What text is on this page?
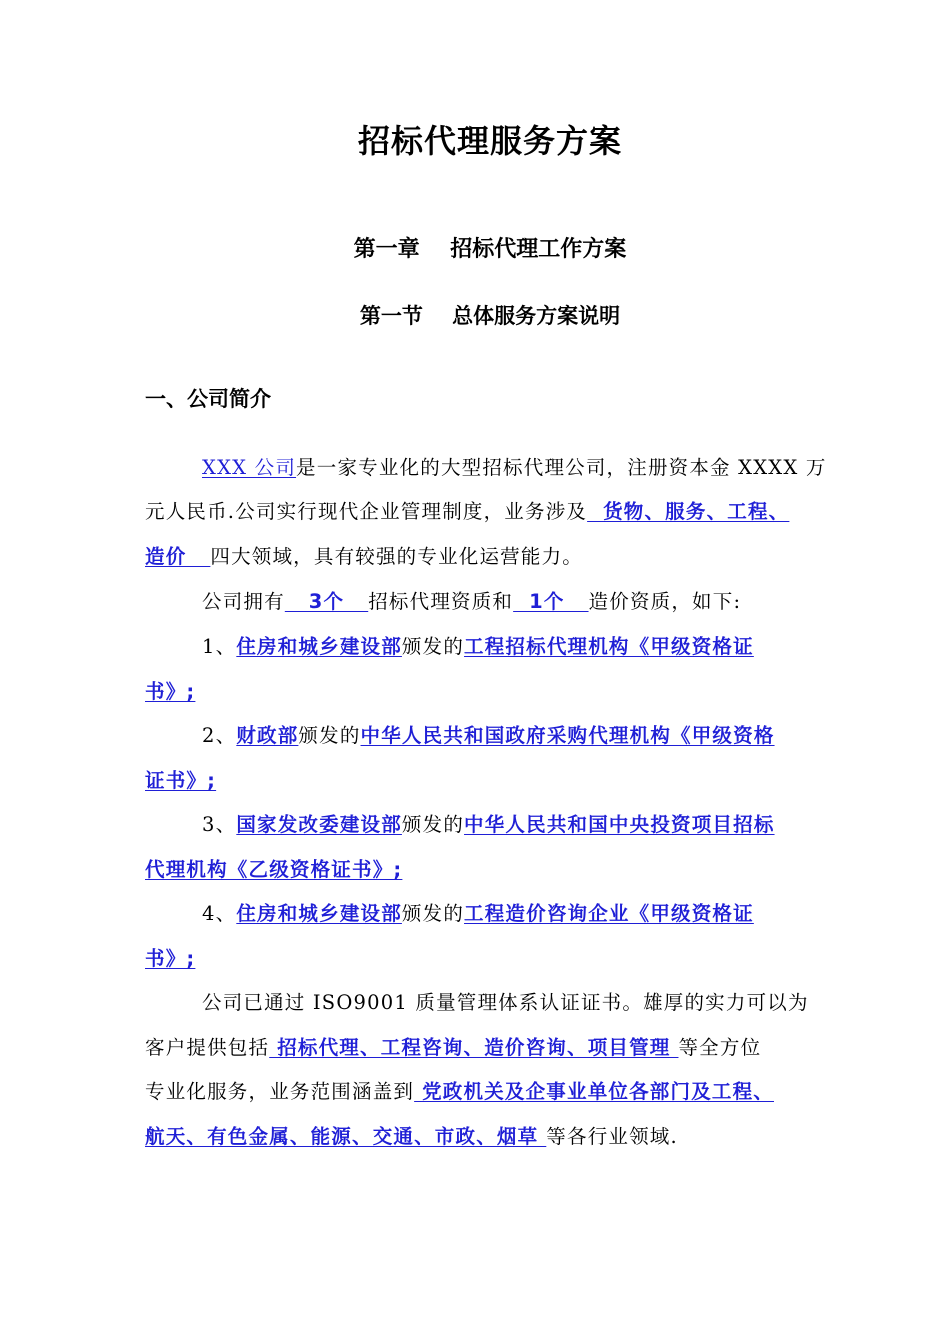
招标代理服务方案
第一章    招标代理工作方案
第一节    总体服务方案说明
一、公司简介
XXX 公司是一家专业化的大型招标代理公司，注册资本金 XXXX 万
元人民币.公司实行现代企业管理制度，业务涉及  货物、服务、工程、
造价   四大领域，具有较强的专业化运营能力。
公司拥有   3个   招标代理资质和  1个   造价资质，如下:
1、住房和城乡建设部颁发的工程招标代理机构《甲级资格证
书》;
2、财政部颁发的中华人民共和国政府采购代理机构《甲级资格
证书》;
3、国家发改委建设部颁发的中华人民共和国中央投资项目招标
代理机构《乙级资格证书》;
4、住房和城乡建设部颁发的工程造价咨询企业《甲级资格证
书》;
公司已通过 ISO9001 质量管理体系认证证书。雄厚的实力可以为
客户提供包括 招标代理、工程咨询、造价咨询、项目管理 等全方位
专业化服务，业务范围涵盖到 党政机关及企事业单位各部门及工程、
航天、有色金属、能源、交通、市政、烟草 等各行业领域.
